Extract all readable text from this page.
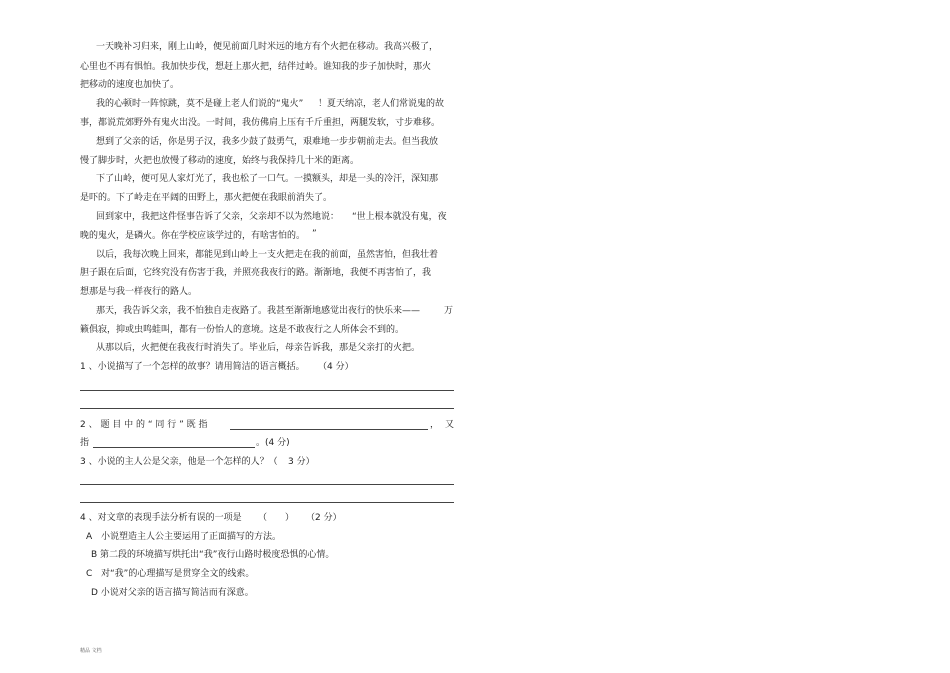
一天晚补习归来，刚上山岭，便见前面几时米远的地方有个火把在移动。我高兴极了，
心里也不再有惧怕。我加快步伐，想赶上那火把，结伴过岭。谁知我的步子加快时，那火
把移动的速度也加快了。
我的心顿时一阵惊跳，莫不是碰上老人们说的“鬼火” ！夏天纳凉，老人们常说鬼的故
事，都说荒郊野外有鬼火出没。一时间，我仿佛肩上压有千斤重担，两腿发软，寸步难移。
想到了父亲的话，你是男子汉，我多少鼓了鼓勇气，艰难地一步步朝前走去。但当我放
慢了脚步时，火把也放慢了移动的速度，始终与我保持几十米的距离。
下了山岭，便可见人家灯光了，我也松了一口气。一摸额头，却是一头的冷汗，深知那
是吓的。下了岭走在平阔的田野上，那火把便在我眼前消失了。
回到家中，我把这件怪事告诉了父亲，父亲却不以为然地说： “世上根本就没有鬼，夜
晚的鬼火，是磷火。你在学校应该学过的，有啥害怕的。 ”
以后，我每次晚上回来，都能见到山岭上一支火把走在我的前面，虽然害怕，但我壮着
胆子跟在后面，它终究没有伤害于我，并照亮我夜行的路。渐渐地，我便不再害怕了，我
想那是与我一样夜行的路人。
那天，我告诉父亲，我不怕独自走夜路了。我甚至渐渐地感觉出夜行的快乐来——	万
籁俱寂，抑或虫鸣蛙叫，都有一份怡人的意境。这是不敢夜行之人所体会不到的。
从那以后，火把便在我夜行时消失了。毕业后，母亲告诉我，那是父亲打的火把。
1 、小说描写了一个怎样的故事？请用简洁的语言概括。 （4 分）
2 、 题 目 中 的 “ 同 行 ” 既 指	， 又
指	。(4 分)
3 、小说的主人公是父亲，他是一个怎样的人？（ 3 分）
4 、对文章的表现手法分析有误的一项是 （　　） （2 分）
A 小说塑造主人公主要运用了正面描写的方法。
B 第二段的环境描写烘托出“我”夜行山路时极度恐惧的心情。
C 对“我”的心理描写是贯穿全文的线索。
D 小说对父亲的语言描写简洁而有深意。
精品 文档
